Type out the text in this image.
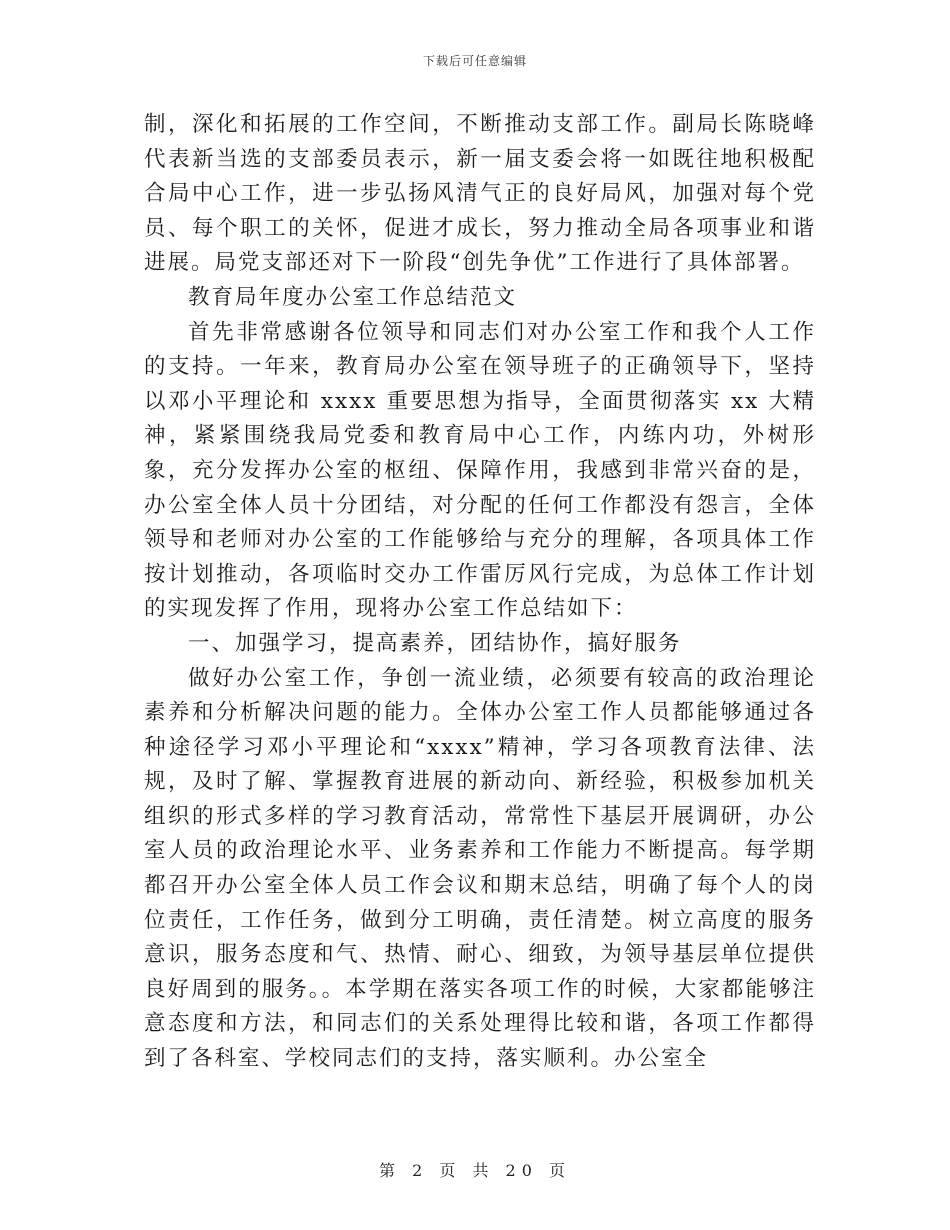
下载后可任意编辑

制，深化和拓展的工作空间，不断推动支部工作。副局长陈晓峰代表新当选的支部委员表示，新一届支委会将一如既往地积极配合局中心工作，进一步弘扬风清气正的良好局风，加强对每个党员、每个职工的关怀，促进才成长，努力推动全局各项事业和谐进展。局党支部还对下一阶段“创先争优”工作进行了具体部署。

教育局年度办公室工作总结范文

首先非常感谢各位领导和同志们对办公室工作和我个人工作的支持。一年来，教育局办公室在领导班子的正确领导下，坚持以邓小平理论和 xxxx 重要思想为指导，全面贯彻落实 xx 大精神，紧紧围绕我局党委和教育局中心工作，内练内功，外树形象，充分发挥办公室的枢纽、保障作用，我感到非常兴奋的是，办公室全体人员十分团结，对分配的任何工作都没有怨言，全体领导和老师对办公室的工作能够给与充分的理解，各项具体工作按计划推动，各项临时交办工作雷厉风行完成，为总体工作计划的实现发挥了作用，现将办公室工作总结如下：

一、加强学习，提高素养，团结协作，搞好服务

做好办公室工作，争创一流业绩，必须要有较高的政治理论素养和分析解决问题的能力。全体办公室工作人员都能够通过各种途径学习邓小平理论和“xxxx”精神，学习各项教育法律、法规，及时了解、掌握教育进展的新动向、新经验，积极参加机关组织的形式多样的学习教育活动，常常性下基层开展调研，办公室人员的政治理论水平、业务素养和工作能力不断提高。每学期都召开办公室全体人员工作会议和期末总结，明确了每个人的岗位责任，工作任务，做到分工明确，责任清楚。树立高度的服务意识，服务态度和气、热情、耐心、细致，为领导基层单位提供良好周到的服务。。本学期在落实各项工作的时候，大家都能够注意态度和方法，和同志们的关系处理得比较和谐，各项工作都得到了各科室、学校同志们的支持，落实顺利。办公室全

第 2 页 共 20 页
